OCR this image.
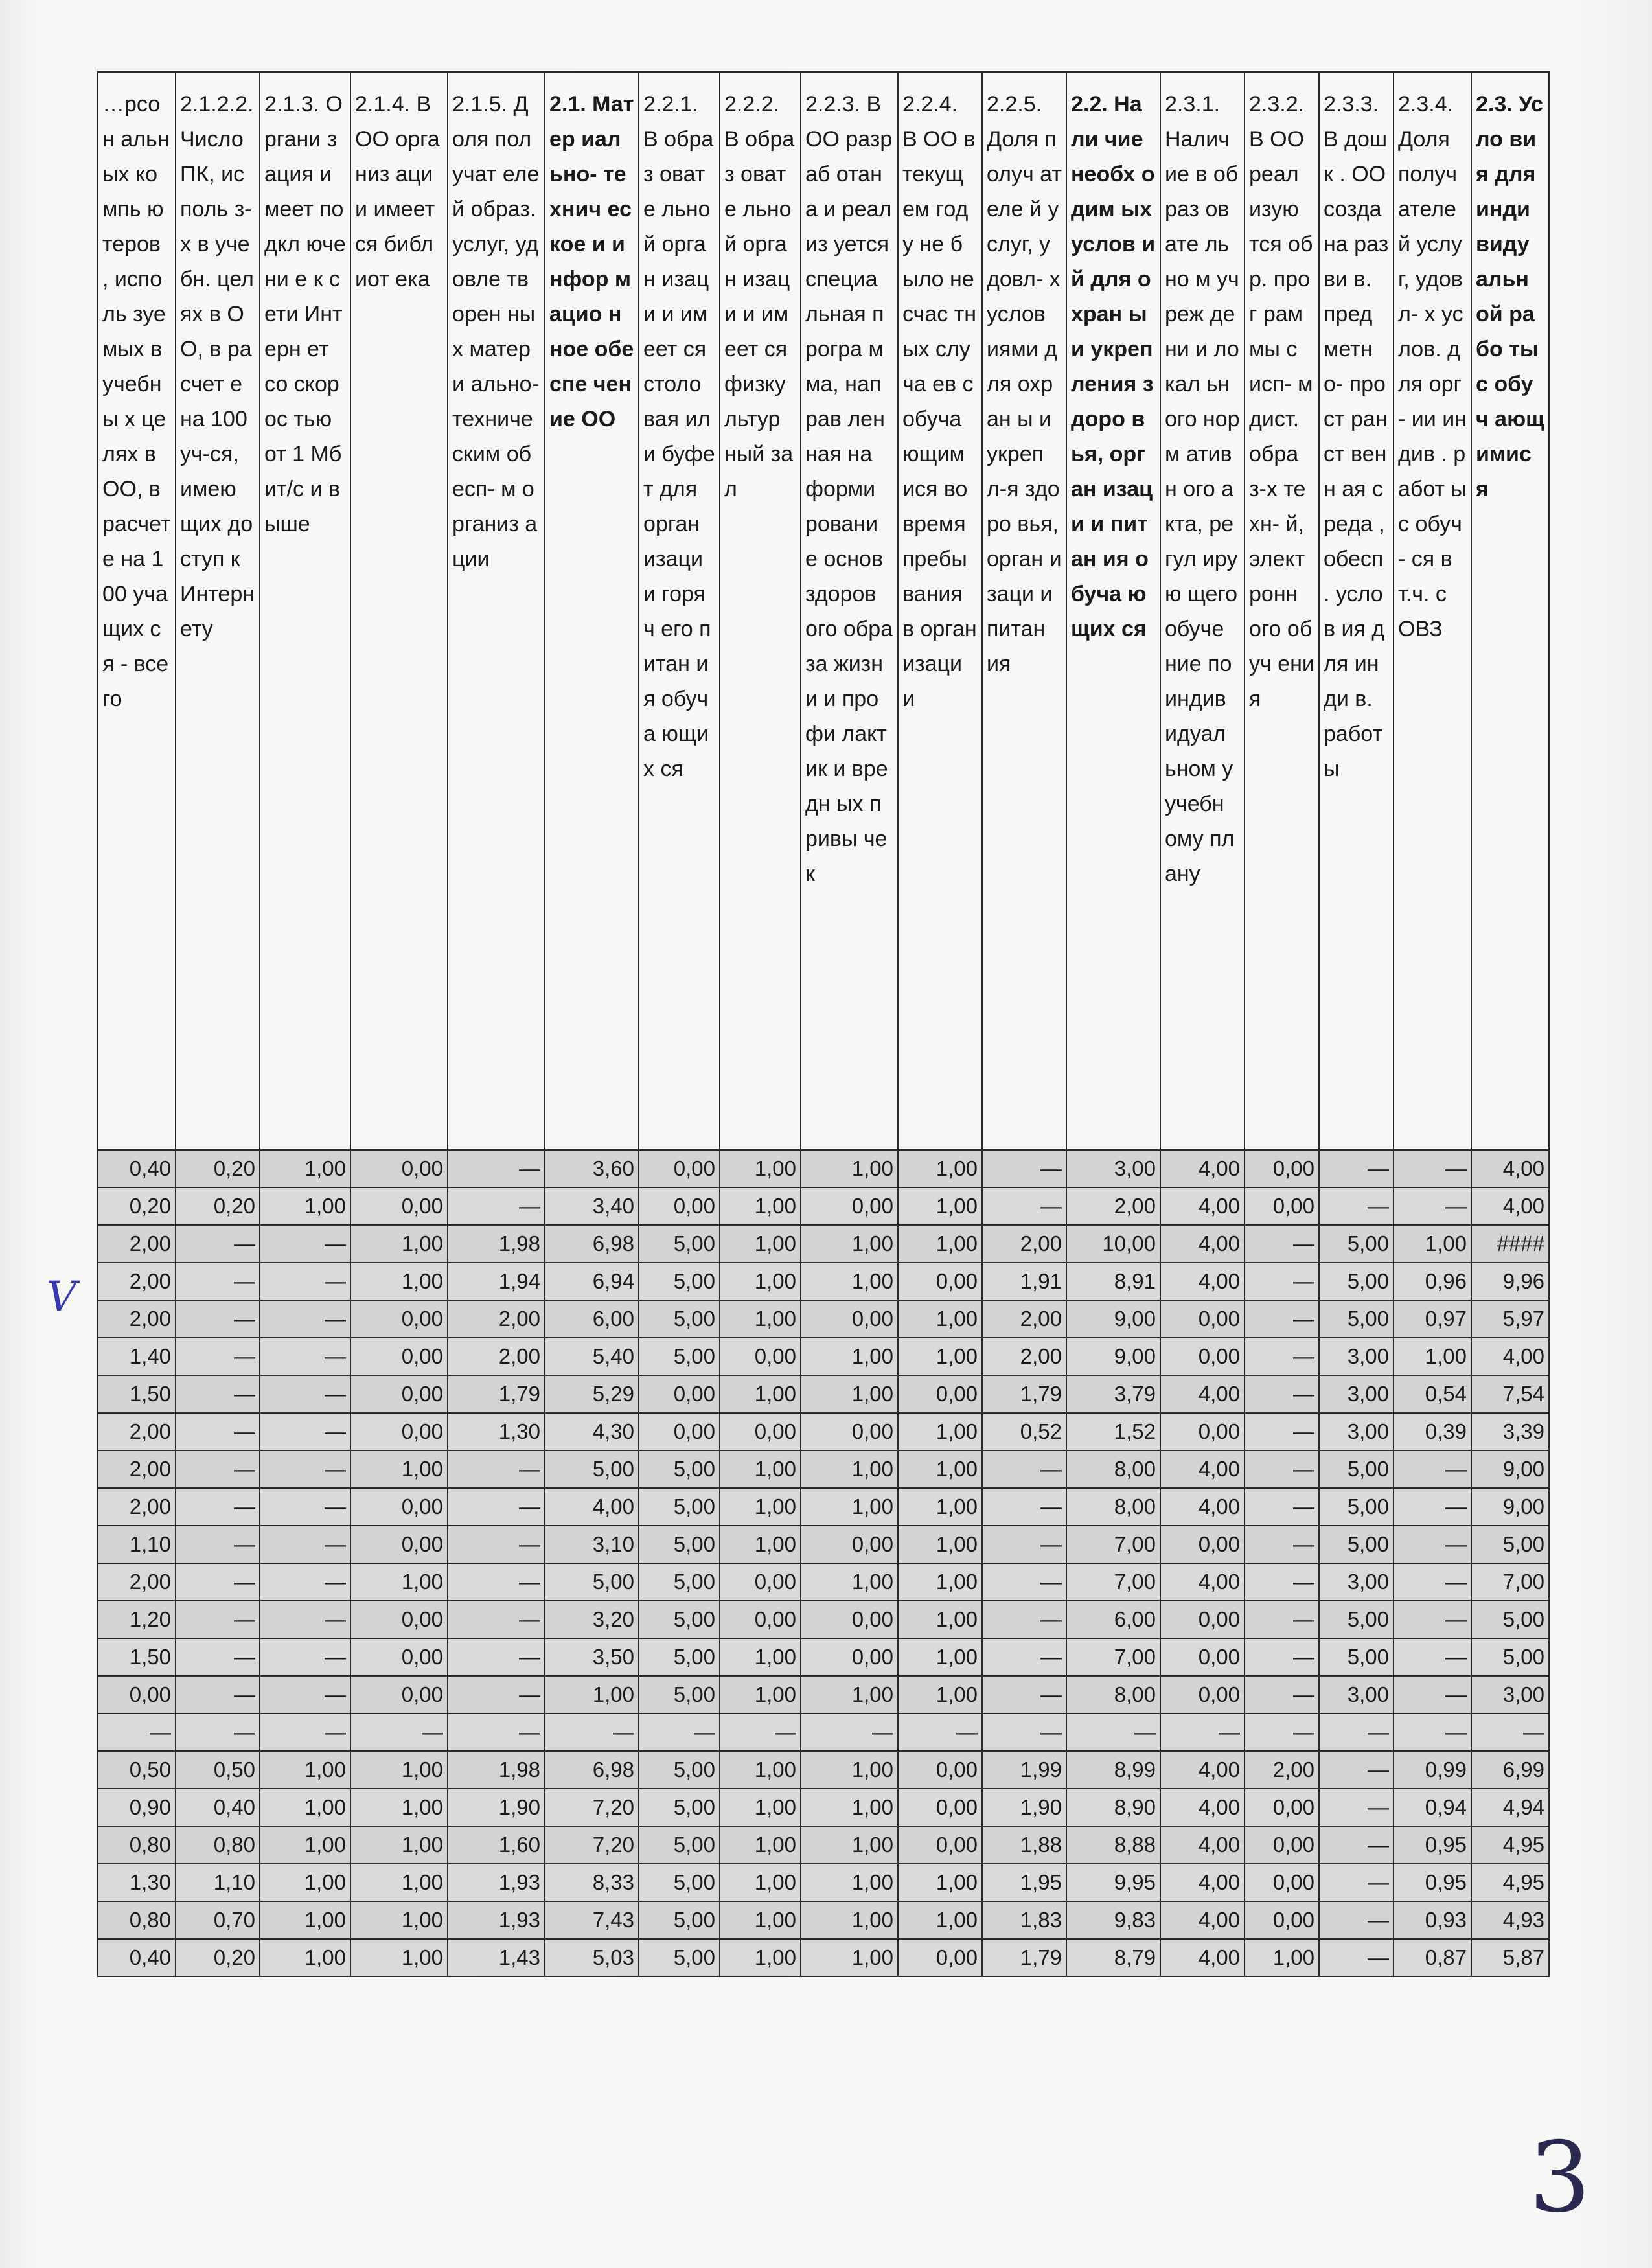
…рсон альных компь ютеров , исполь зуемых в учебны х целях в ОО, в расчет е на 100 учащих ся - всего	2.1.2.2. Число ПК, исполь з-х в учебн. целях в ОО, в расчет е на 100 уч-ся, имею щих доступ к Интерн ету	2.1.3. Органи зация имеет подкл ючени е к сети Интерн ет со скорос тью от 1 Мбит/с и выше	2.1.4. В ОО организ ации имеется библиот ека	2.1.5. Доля получат елей образ. услуг, удовле творен ных матери ально- техниче ским обесп- м организ ации	2.1. Матер иально- технич еское и инфор мацио нное обеспе чение ОО	2.2.1. В образ овате льной орган изаци и имеет ся столо вая или буфет для орган изаци и горяч его питан ия обуча ющих ся	2.2.2. В образ овате льной орган изаци и имеет ся физку льтур ный зал	2.2.3. В ОО разраб отана и реализ уется специа льная програ мма, направ ленная на форми ровани е основ здоров ого образа жизни и профи лактик и вредн ых привы чек	2.2.4. В ОО в текущ ем году не было несчас тных случа ев с обуча ющим ися во время пребы вания в орган изаци и	2.2.5. Доля получ ателе й услуг, удовл- х услов иями для охран ы и укреп л-я здоро вья, орган изаци и питан ия	2.2. Нали чие необх одим ых услов ий для охран ы и укреп ления здоро вья, орган изаци и питан ия обуча ющих ся	2.3.1. Налич ие в образ овате льно м учреж дени и локал ьного норм ативн ого акта, регул ирую щего обуче ние по индив идуал ьном у учебн ому плану	2.3.2. В ОО реал изую тся обр. прог рам мы с исп- м дист. обра з-х техн- й, элект ронн ого обуч ения	2.3.3. В дошк . ОО созда на разви в. пред метн о- прост ранст венн ая среда , обесп . услов ия для инди в. работ ы	2.3.4. Доля получ ателе й услуг, удовл- х услов. для орг- ии индив . работ ы с обуч- ся в т.ч. с ОВЗ	2.3. Усло вия для инди виду альн ой рабо ты с обуч ающ имис я
0,40	0,20	1,00	0,00	—	3,60	0,00	1,00	1,00	1,00	—	3,00	4,00	0,00	—	—	4,00
0,20	0,20	1,00	0,00	—	3,40	0,00	1,00	0,00	1,00	—	2,00	4,00	0,00	—	—	4,00
2,00	—	—	1,00	1,98	6,98	5,00	1,00	1,00	1,00	2,00	10,00	4,00	—	5,00	1,00	####
2,00	—	—	1,00	1,94	6,94	5,00	1,00	1,00	0,00	1,91	8,91	4,00	—	5,00	0,96	9,96
2,00	—	—	0,00	2,00	6,00	5,00	1,00	0,00	1,00	2,00	9,00	0,00	—	5,00	0,97	5,97
1,40	—	—	0,00	2,00	5,40	5,00	0,00	1,00	1,00	2,00	9,00	0,00	—	3,00	1,00	4,00
1,50	—	—	0,00	1,79	5,29	0,00	1,00	1,00	0,00	1,79	3,79	4,00	—	3,00	0,54	7,54
2,00	—	—	0,00	1,30	4,30	0,00	0,00	0,00	1,00	0,52	1,52	0,00	—	3,00	0,39	3,39
2,00	—	—	1,00	—	5,00	5,00	1,00	1,00	1,00	—	8,00	4,00	—	5,00	—	9,00
2,00	—	—	0,00	—	4,00	5,00	1,00	1,00	1,00	—	8,00	4,00	—	5,00	—	9,00
1,10	—	—	0,00	—	3,10	5,00	1,00	0,00	1,00	—	7,00	0,00	—	5,00	—	5,00
2,00	—	—	1,00	—	5,00	5,00	0,00	1,00	1,00	—	7,00	4,00	—	3,00	—	7,00
1,20	—	—	0,00	—	3,20	5,00	0,00	0,00	1,00	—	6,00	0,00	—	5,00	—	5,00
1,50	—	—	0,00	—	3,50	5,00	1,00	0,00	1,00	—	7,00	0,00	—	5,00	—	5,00
0,00	—	—	0,00	—	1,00	5,00	1,00	1,00	1,00	—	8,00	0,00	—	3,00	—	3,00
—	—	—	—	—	—	—	—	—	—	—	—	—	—	—	—	—
0,50	0,50	1,00	1,00	1,98	6,98	5,00	1,00	1,00	0,00	1,99	8,99	4,00	2,00	—	0,99	6,99
0,90	0,40	1,00	1,00	1,90	7,20	5,00	1,00	1,00	0,00	1,90	8,90	4,00	0,00	—	0,94	4,94
0,80	0,80	1,00	1,00	1,60	7,20	5,00	1,00	1,00	0,00	1,88	8,88	4,00	0,00	—	0,95	4,95
1,30	1,10	1,00	1,00	1,93	8,33	5,00	1,00	1,00	1,00	1,95	9,95	4,00	0,00	—	0,95	4,95
0,80	0,70	1,00	1,00	1,93	7,43	5,00	1,00	1,00	1,00	1,83	9,83	4,00	0,00	—	0,93	4,93
0,40	0,20	1,00	1,00	1,43	5,03	5,00	1,00	1,00	0,00	1,79	8,79	4,00	1,00	—	0,87	5,87
V
3
